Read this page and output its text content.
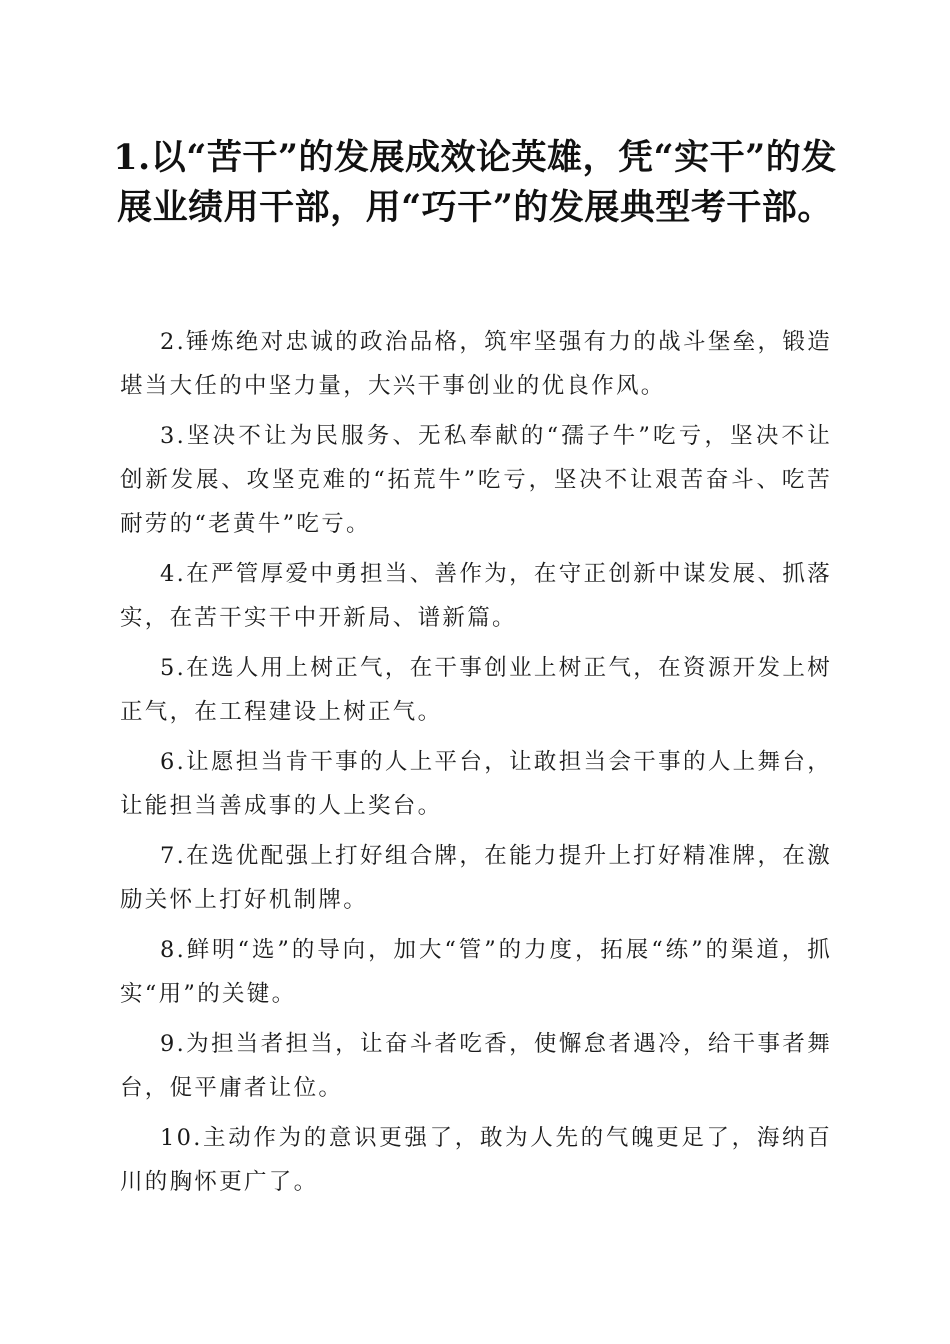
1.以“苦干”的发展成效论英雄，凭“实干”的发展业绩用干部，用“巧干”的发展典型考干部。

2.锤炼绝对忠诚的政治品格，筑牢坚强有力的战斗堡垒，锻造堪当大任的中坚力量，大兴干事创业的优良作风。

3.坚决不让为民服务、无私奉献的“孺子牛”吃亏，坚决不让创新发展、攻坚克难的“拓荒牛”吃亏，坚决不让艰苦奋斗、吃苦耐劳的“老黄牛”吃亏。

4.在严管厚爱中勇担当、善作为，在守正创新中谋发展、抓落实，在苦干实干中开新局、谱新篇。

5.在选人用上树正气，在干事创业上树正气，在资源开发上树正气，在工程建设上树正气。

6.让愿担当肯干事的人上平台，让敢担当会干事的人上舞台，让能担当善成事的人上奖台。

7.在选优配强上打好组合牌，在能力提升上打好精准牌，在激励关怀上打好机制牌。

8.鲜明“选”的导向，加大“管”的力度，拓展“练”的渠道，抓实“用”的关键。

9.为担当者担当，让奋斗者吃香，使懈怠者遇冷，给干事者舞台，促平庸者让位。

10.主动作为的意识更强了，敢为人先的气魄更足了，海纳百川的胸怀更广了。
